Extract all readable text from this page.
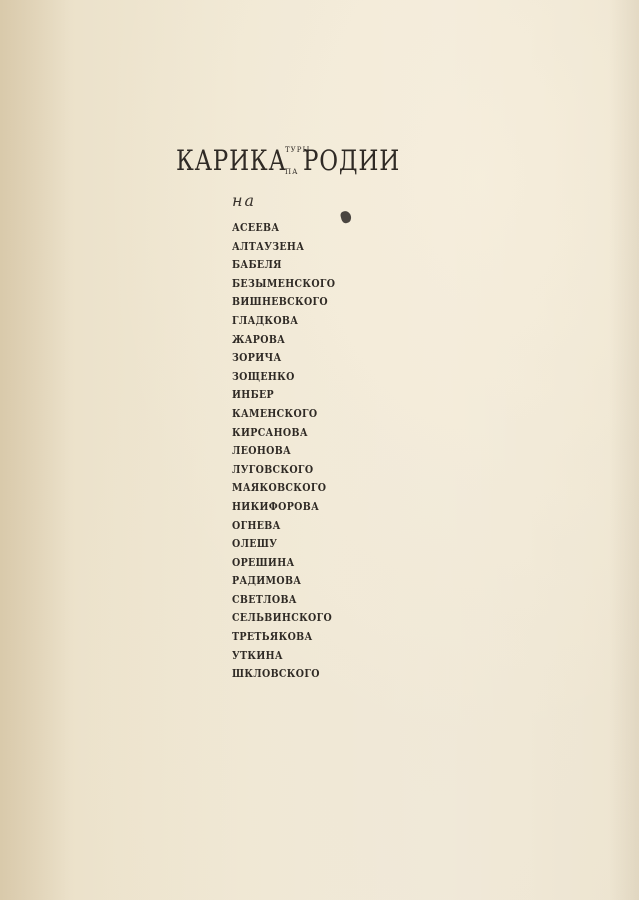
КАРИКА
ТУРЫ
ПА РОДИИ
на
АСЕЕВА
АЛТАУЗЕНА
БАБЕЛЯ
БЕЗЫМЕНСКОГО
ВИШНЕВСКОГО
ГЛАДКОВА
ЖАРОВА
ЗОРИЧА
ЗОЩЕНКО
ИНБЕР
КАМЕНСКОГО
КИРСАНОВА
ЛЕОНОВА
ЛУГОВСКОГО
МАЯКОВСКОГО
НИКИФОРОВА
ОГНЕВА
ОЛЕШУ
ОРЕШИНА
РАДИМОВА
СВЕТЛОВА
СЕЛЬВИНСКОГО
ТРЕТЬЯКОВА
УТКИНА
ШКЛОВСКОГО
